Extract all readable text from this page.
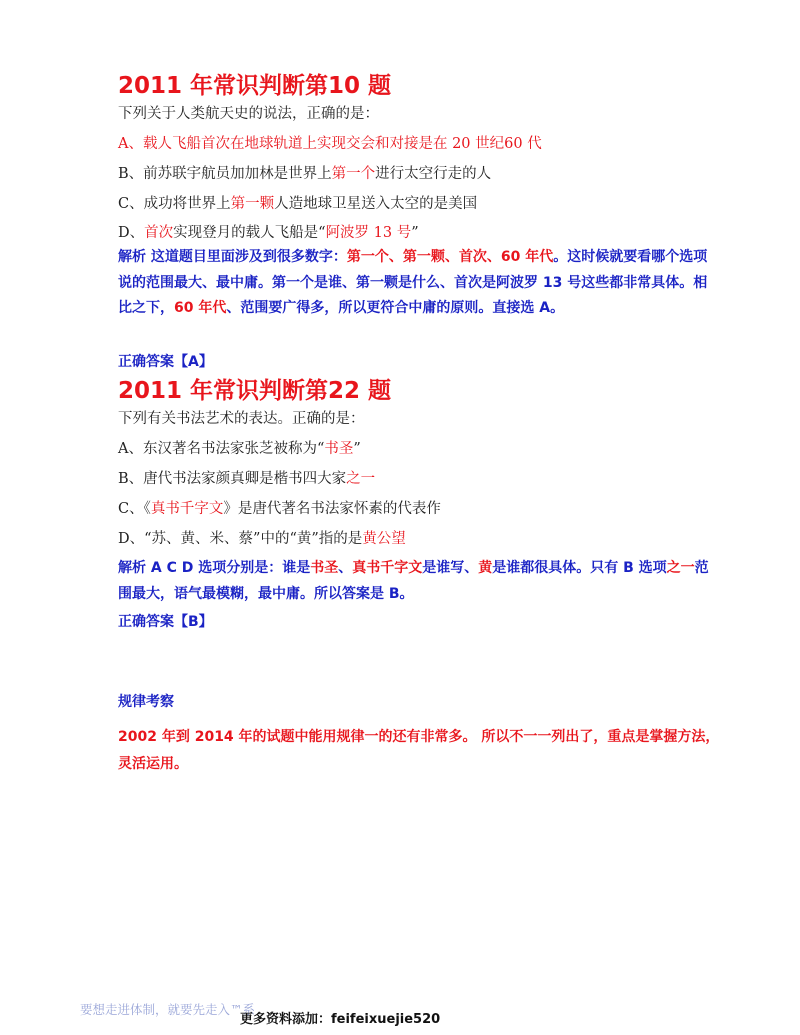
2011 年常识判断第10 题
下列关于人类航天史的说法，正确的是：
A、载人飞船首次在地球轨道上实现交会和对接是在 20 世纪60 代
B、前苏联宇航员加加林是世界上第一个进行太空行走的人
C、成功将世界上第一颗人造地球卫星送入太空的是美国
D、首次实现登月的载人飞船是“阿波罗 13 号”
解析 这道题目里面涉及到很多数字：第一个、第一颗、首次、60 年代。这时候就要看哪个选项说的范围最大、最中庸。第一个是谁、第一颗是什么、首次是阿波罗 13 号这些都非常具体。相比之下，60 年代、范围要广得多，所以更符合中庸的原则。直接选 A。
正确答案【A】
2011 年常识判断第22 题
下列有关书法艺术的表达。正确的是：
A、东汉著名书法家张芝被称为“书圣”
B、唐代书法家颜真卿是楷书四大家之一
C、《真书千字文》是唐代著名书法家怀素的代表作
D、“苏、黄、米、蔡”中的“黄”指的是黄公望
解析 A C D 选项分别是：谁是书圣、真书千字文是谁写、黄是谁都很具体。只有 B 选项之一范围最大，语气最模糊，最中庸。所以答案是 B。
正确答案【B】
规律考察
2002 年到 2014 年的试题中能用规律一的还有非常多。 所以不一一列出了，重点是掌握方法，灵活运用。
要想走进体制，就要先走入™系
更多资料添加：feifeixuejie520
